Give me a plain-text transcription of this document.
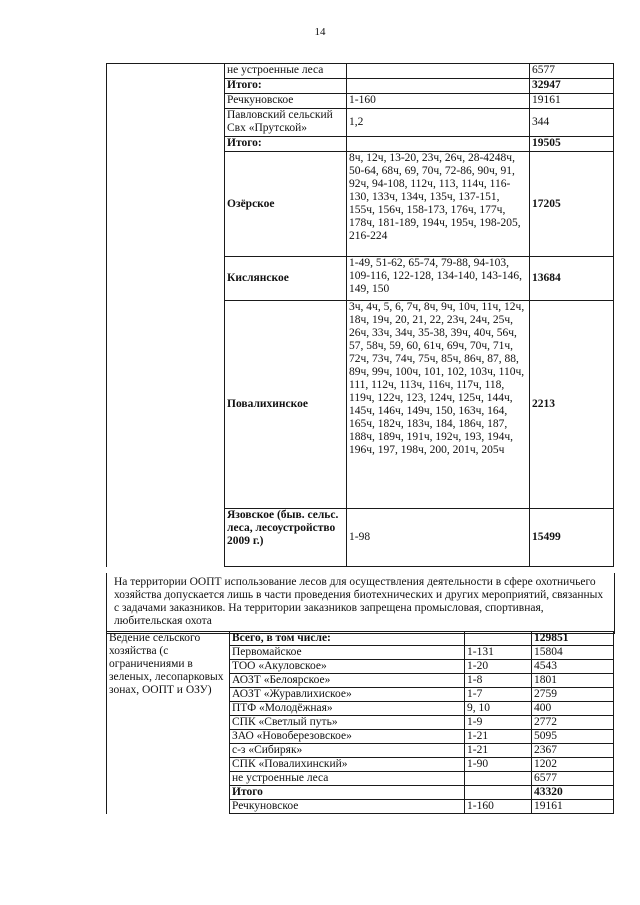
14
	не устроенные леса		6577
	Итого:		32947
	Речкуновское	1-160	19161
	Павловский сельский Свх «Прутской»	1,2	344
	Итого:		19505
	Озёрское	8ч, 12ч, 13-20, 23ч, 26ч, 28-4248ч, 50-64, 68ч, 69, 70ч, 72-86, 90ч, 91, 92ч, 94-108, 112ч, 113, 114ч, 116-130, 133ч, 134ч, 135ч, 137-151, 155ч, 156ч, 158-173, 176ч, 177ч, 178ч, 181-189, 194ч, 195ч, 198-205, 216-224	17205
	Кислянское	1-49, 51-62, 65-74, 79-88, 94-103, 109-116, 122-128, 134-140, 143-146, 149, 150	13684
	Повалихинское	3ч, 4ч, 5, 6, 7ч, 8ч, 9ч, 10ч, 11ч, 12ч, 18ч, 19ч, 20, 21, 22, 23ч, 24ч, 25ч, 26ч, 33ч, 34ч, 35-38, 39ч, 40ч, 56ч, 57, 58ч, 59, 60, 61ч, 69ч, 70ч, 71ч, 72ч, 73ч, 74ч, 75ч, 85ч, 86ч, 87, 88, 89ч, 99ч, 100ч, 101, 102, 103ч, 110ч, 111, 112ч, 113ч, 116ч, 117ч, 118, 119ч, 122ч, 123, 124ч, 125ч, 144ч, 145ч, 146ч, 149ч, 150, 163ч, 164, 165ч, 182ч, 183ч, 184, 186ч, 187, 188ч, 189ч, 191ч, 192ч, 193, 194ч, 196ч, 197, 198ч, 200, 201ч, 205ч	2213
	Язовское (быв. сельс. леса, лесоустройство 2009 г.)	1-98	15499
На территории ООПТ использование лесов для осуществления деятельности в сфере охотничьего хозяйства допускается лишь в части проведения биотехнических и других мероприятий, связанных с задачами заказников. На территории заказников запрещена промысловая, спортивная, любительская охота
Ведение сельского хозяйства (с ограничениями в зеленых, лесопарковых зонах, ООПТ и ОЗУ)	Всего, в том числе:		129851
	Первомайское	1-131	15804
	ТОО «Акуловское»	1-20	4543
	АОЗТ «Белоярское»	1-8	1801
	АОЗТ «Журавлихиское»	1-7	2759
	ПТФ «Молодёжная»	9, 10	400
	СПК «Светлый путь»	1-9	2772
	ЗАО «Новоберезовское»	1-21	5095
	с-з «Сибиряк»	1-21	2367
	СПК «Повалихинский»	1-90	1202
	не устроенные леса		6577
	Итого		43320
	Речкуновское	1-160	19161
